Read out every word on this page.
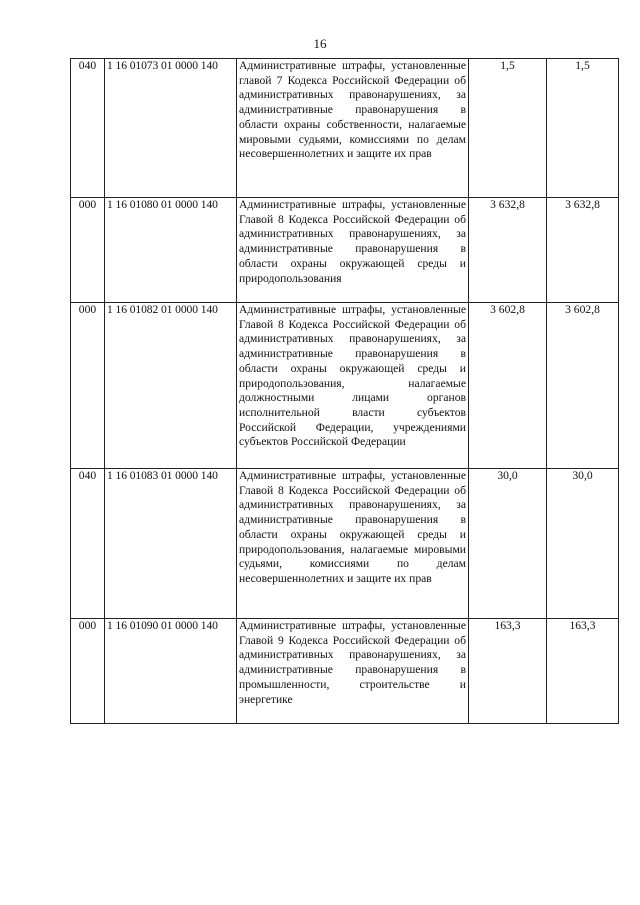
16
040	1 16 01073 01 0000 140	Административные штрафы, установленные главой 7 Кодекса Российской Федерации об административных правонарушениях, за административные правонарушения в области охраны собственности, налагаемые мировыми судьями, комиссиями по делам несовершеннолетних и защите их прав	1,5	1,5
000	1 16 01080 01 0000 140	Административные штрафы, установленные Главой 8 Кодекса Российской Федерации об административных правонарушениях, за административные правонарушения в области охраны окружающей среды и природопользования	3 632,8	3 632,8
000	1 16 01082 01 0000 140	Административные штрафы, установленные Главой 8 Кодекса Российской Федерации об административных правонарушениях, за административные правонарушения в области охраны окружающей среды и природопользования, налагаемые должностными лицами органов исполнительной власти субъектов Российской Федерации, учреждениями субъектов Российской Федерации	3 602,8	3 602,8
040	1 16 01083 01 0000 140	Административные штрафы, установленные Главой 8 Кодекса Российской Федерации об административных правонарушениях, за административные правонарушения в области охраны окружающей среды и природопользования, налагаемые мировыми судьями, комиссиями по делам несовершеннолетних и защите их прав	30,0	30,0
000	1 16 01090 01 0000 140	Административные штрафы, установленные Главой 9 Кодекса Российской Федерации об административных правонарушениях, за административные правонарушения в промышленности, строительстве и энергетике	163,3	163,3
